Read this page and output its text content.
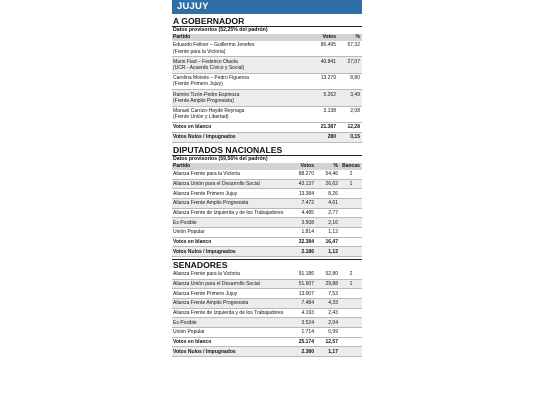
JUJUY
A GOBERNADOR
Datos provisorios (52,25% del padrón)
Partido	Votos	%
Eduardo Fellner – Guillermo Jenefes
(Frente para la Victoria)
86.495	57,32
Mario Fiad – Federico Otaola
(UCR - Acuerdo Cívico y Social)
40.841	27,07
Carolina Moisés – Pedro Figueroa
(Frente Primero Jujuy)
13.279	8,80
Ramiro Tizón-Pedro Espinoza
(Frente Amplio Progresista)
5.262	3,49
Manuel Carrizo-Haydé Reynaga
(Frente Unión y Libertad)
3.138	2,08
Votos en blanco	21.387	12,28
Votos Nulos / Impugnados	280	0,15
DIPUTADOS NACIONALES
Datos provisorios (59,56% del padrón)
Partido	Votos	% Bancas
Alianza Frente para la Victoria	88.270	54,46	2
Alianza Unión para el Desarrollo Social	43.137	26,62	1
Alianza Frente Primero Jujuy	13.384	8,26
Alianza Frente Amplio Progresista	7.472	4,61
Alianza Frente de Izquierda y de los Trabajadores	4.485	2,77
Es Posible	3.508	2,16
Unión Popular	1.814	1,12
Votos en blanco	32.384	16,47
Votos Nulos / Impugnados	2.186	1,12
SENADORES
Alianza Frente para la Victoria	91.186	52,80	2
Alianza Unión para el Desarrollo Social	51.607	29,88	1
Alianza Frente Primero Jujuy	13.007	7,53
Alianza Frente Amplio Progresista	7.484	4,33
Alianza Frente de Izquierda y de los Trabajadores	4.193	2,43
Es Posible	3.524	2,04
Unión Popular	1.714	0,99
Votos en blanco	25.174	12,57
Votos Nulos / Impugnados	2.380	1,17
